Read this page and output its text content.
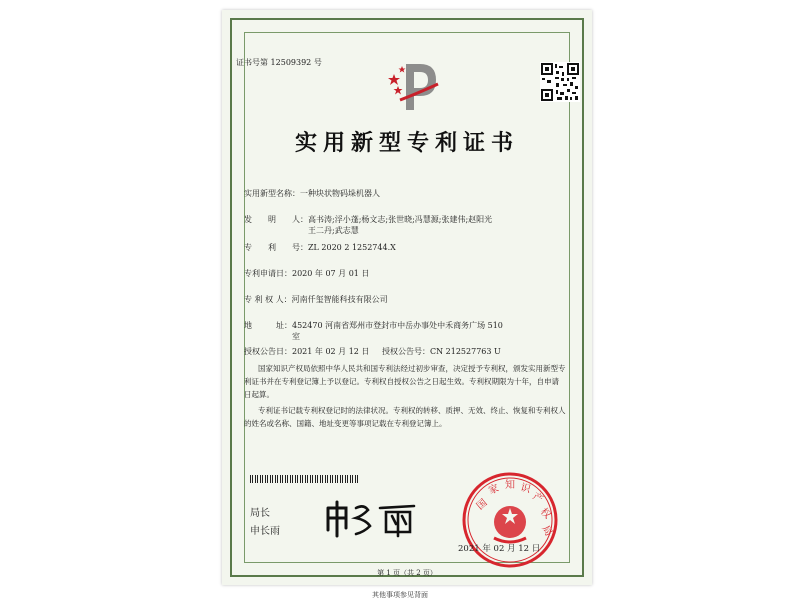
证书号第 12509392 号
实用新型专利证书
实用新型名称： 一种块状物码垛机器人
发　　明　　人： 高书涛;浮小蓬;杨文志;张世晓;冯慧源;张建伟;赵阳光
王二丹;武志慧
专　　利　　号： ZL 2020 2 1252744.X
专利申请日： 2020 年 07 月 01 日
专 利 权 人： 河南仟玺智能科技有限公司
地　　　址： 452470 河南省郑州市登封市中岳办事处中禾商务广场 510
室
授权公告日： 2021 年 02 月 12 日	授权公告号： CN 212527763 U
国家知识产权局依照中华人民共和国专利法经过初步审查，决定授予专利权，颁发实用新型专利证书并在专利登记簿上予以登记。专利权自授权公告之日起生效。专利权期限为十年，自申请日起算。
专利证书记载专利权登记时的法律状况。专利权的转移、质押、无效、终止、恢复和专利权人的姓名或名称、国籍、地址变更等事项记载在专利登记簿上。
局长
申长雨
国
家 知 识
产
权
局
2021 年 02 月 12 日
第 1 页（共 2 页）
其他事项参见背面
